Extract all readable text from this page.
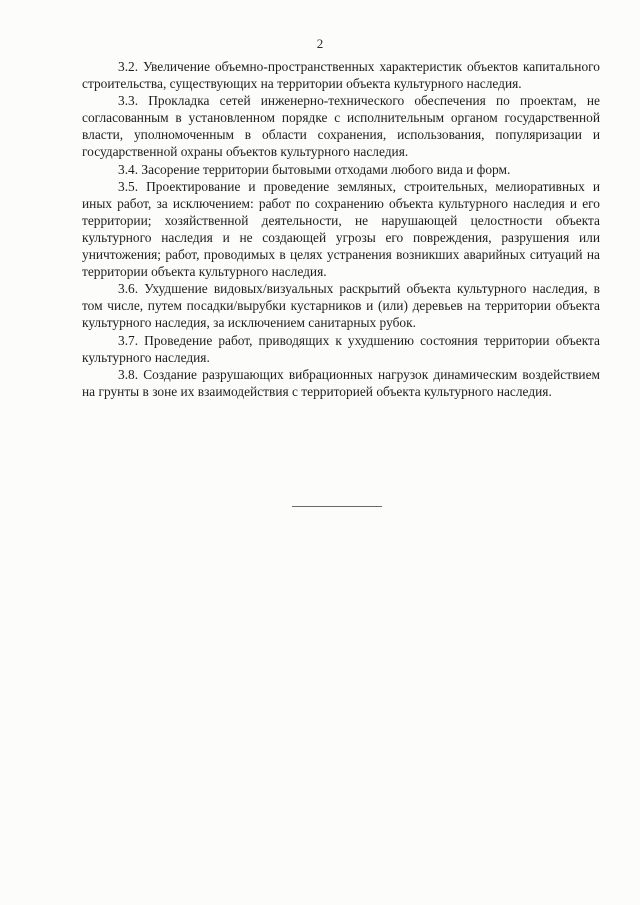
2

3.2. Увеличение объемно-пространственных характеристик объектов капитального строительства, существующих на территории объекта культурного наследия.

3.3. Прокладка сетей инженерно-технического обеспечения по проектам, не согласованным в установленном порядке с исполнительным органом государственной власти, уполномоченным в области сохранения, использования, популяризации и государственной охраны объектов культурного наследия.

3.4. Засорение территории бытовыми отходами любого вида и форм.

3.5. Проектирование и проведение земляных, строительных, мелиоративных и иных работ, за исключением: работ по сохранению объекта культурного наследия и его территории; хозяйственной деятельности, не нарушающей целостности объекта культурного наследия и не создающей угрозы его повреждения, разрушения или уничтожения; работ, проводимых в целях устранения возникших аварийных ситуаций на территории объекта культурного наследия.

3.6. Ухудшение видовых/визуальных раскрытий объекта культурного наследия, в том числе, путем посадки/вырубки кустарников и (или) деревьев на территории объекта культурного наследия, за исключением санитарных рубок.

3.7. Проведение работ, приводящих к ухудшению состояния территории объекта культурного наследия.

3.8. Создание разрушающих вибрационных нагрузок динамическим воздействием на грунты в зоне их взаимодействия с территорией объекта культурного наследия.
